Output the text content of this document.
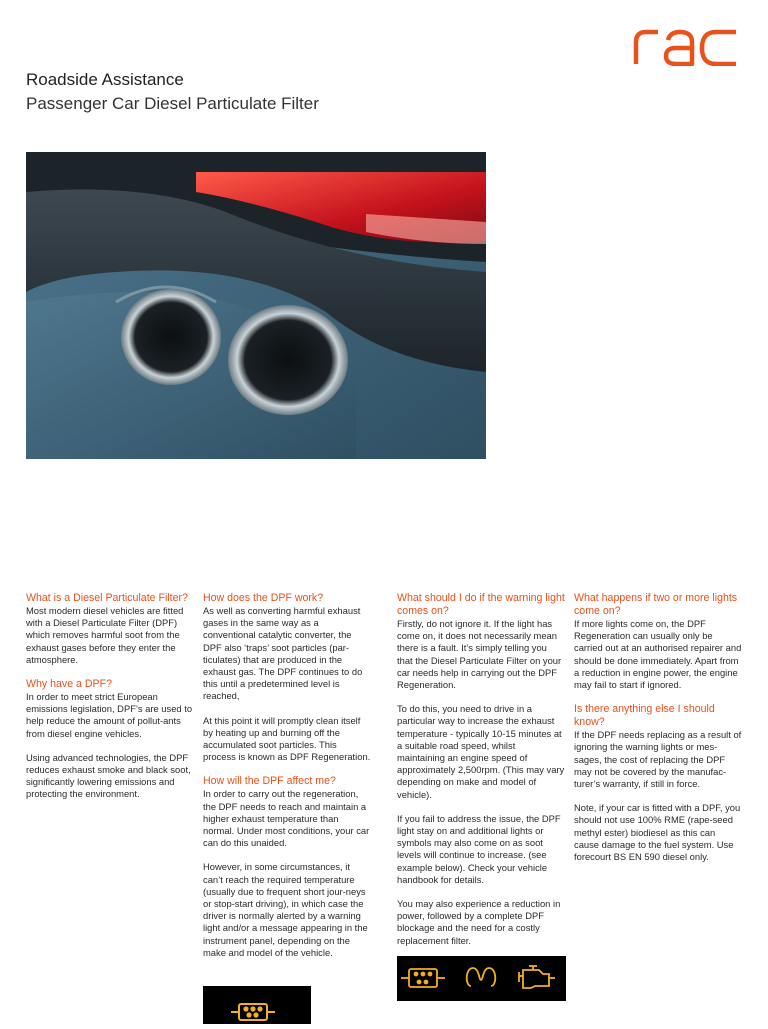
Roadside Assistance
Passenger Car Diesel Particulate Filter
What is a Diesel Particulate Filter?

Most modern diesel vehicles are fitted with a Diesel Particulate Filter (DPF) which removes harmful soot from the exhaust gases before they enter the atmosphere.

Why have a DPF?

In order to meet strict European emissions legislation, DPF’s are used to help reduce the amount of pollut-ants from diesel engine vehicles.

Using advanced technologies, the DPF reduces exhaust smoke and black soot, significantly lowering emissions and protecting the environment.

How does the DPF work?

As well as converting harmful exhaust gases in the same way as a conventional catalytic converter, the DPF also ‘traps’ soot particles (par-ticulates) that are produced in the exhaust gas. The DPF continues to do this until a predetermined level is reached,

At this point it will promptly clean itself by heating up and burning off the accumulated soot particles. This process is known as DPF Regeneration.

How will the DPF affect me?

In order to carry out the regeneration, the DPF needs to reach and maintain a higher exhaust temperature than normal. Under most conditions, your car can do this unaided.

However, in some circumstances, it can’t reach the required temperature (usually due to frequent short jour-neys or stop-start driving), in which case the driver is normally alerted by a warning light and/or a message appearing in the instrument panel, depending on the make and model of the vehicle.

What should I do if the warning light comes on?

Firstly, do not ignore it. If the light has come on, it does not necessarily mean there is a fault. It’s simply telling you that the Diesel Particulate Filter on your car needs help in carrying out the DPF Regeneration.

To do this, you need to drive in a particular way to increase the exhaust temperature - typically 10-15 minutes at a suitable road speed, whilst maintaining an engine speed of approximately 2,500rpm. (This may vary depending on make and model of vehicle).

If you fail to address the issue, the DPF light stay on and additional lights or symbols may also come on as soot levels will continue to increase. (see example below). Check your vehicle handbook for details.

You may also experience a reduction in power, followed by a complete DPF blockage and the need for a costly replacement filter.

What happens if two or more lights come on?

If more lights come on, the DPF Regeneration can usually only be carried out at an authorised repairer and should be done immediately. Apart from a reduction in engine power, the engine may fail to start if ignored.

Is there anything else I should know?

If the DPF needs replacing as a result of ignoring the warning lights or mes-sages, the cost of replacing the DPF may not be covered by the manufac-turer’s warranty, if still in force.

Note, if your car is fitted with a DPF, you should not use 100% RME (rape-seed methyl ester) biodiesel as this can cause damage to the fuel system. Use forecourt BS EN 590 diesel only.
